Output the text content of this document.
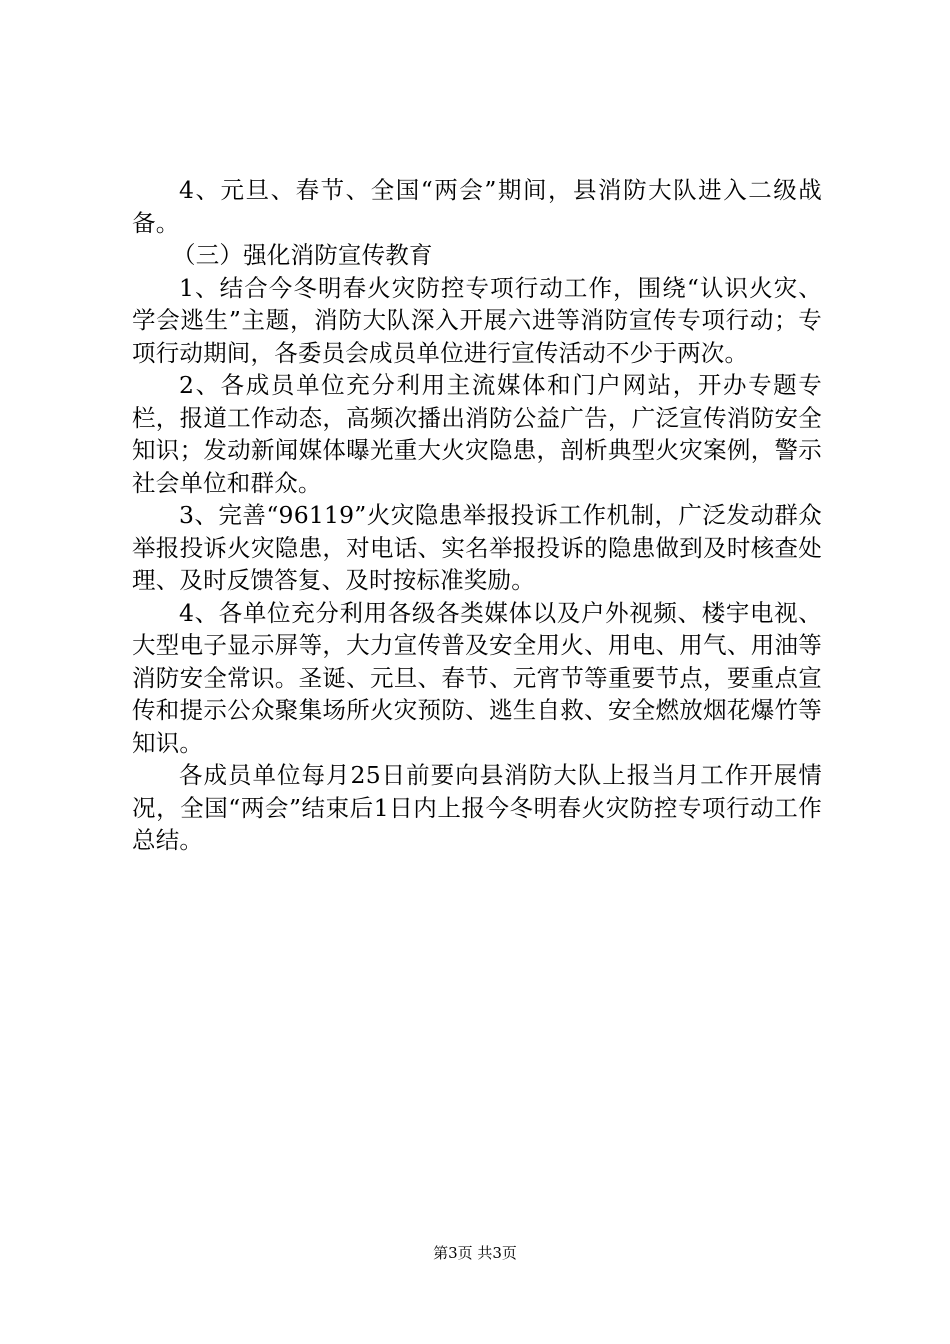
4、元旦、春节、全国“两会”期间，县消防大队进入二级战备。

（三）强化消防宣传教育

1、结合今冬明春火灾防控专项行动工作，围绕“认识火灾、学会逃生”主题，消防大队深入开展六进等消防宣传专项行动；专项行动期间，各委员会成员单位进行宣传活动不少于两次。

2、各成员单位充分利用主流媒体和门户网站，开办专题专栏，报道工作动态，高频次播出消防公益广告，广泛宣传消防安全知识；发动新闻媒体曝光重大火灾隐患，剖析典型火灾案例，警示社会单位和群众。

3、完善“96119”火灾隐患举报投诉工作机制，广泛发动群众举报投诉火灾隐患，对电话、实名举报投诉的隐患做到及时核查处理、及时反馈答复、及时按标准奖励。

4、各单位充分利用各级各类媒体以及户外视频、楼宇电视、大型电子显示屏等，大力宣传普及安全用火、用电、用气、用油等消防安全常识。圣诞、元旦、春节、元宵节等重要节点，要重点宣传和提示公众聚集场所火灾预防、逃生自救、安全燃放烟花爆竹等知识。

各成员单位每月25日前要向县消防大队上报当月工作开展情况，全国“两会”结束后1日内上报今冬明春火灾防控专项行动工作总结。

第3页 共3页
